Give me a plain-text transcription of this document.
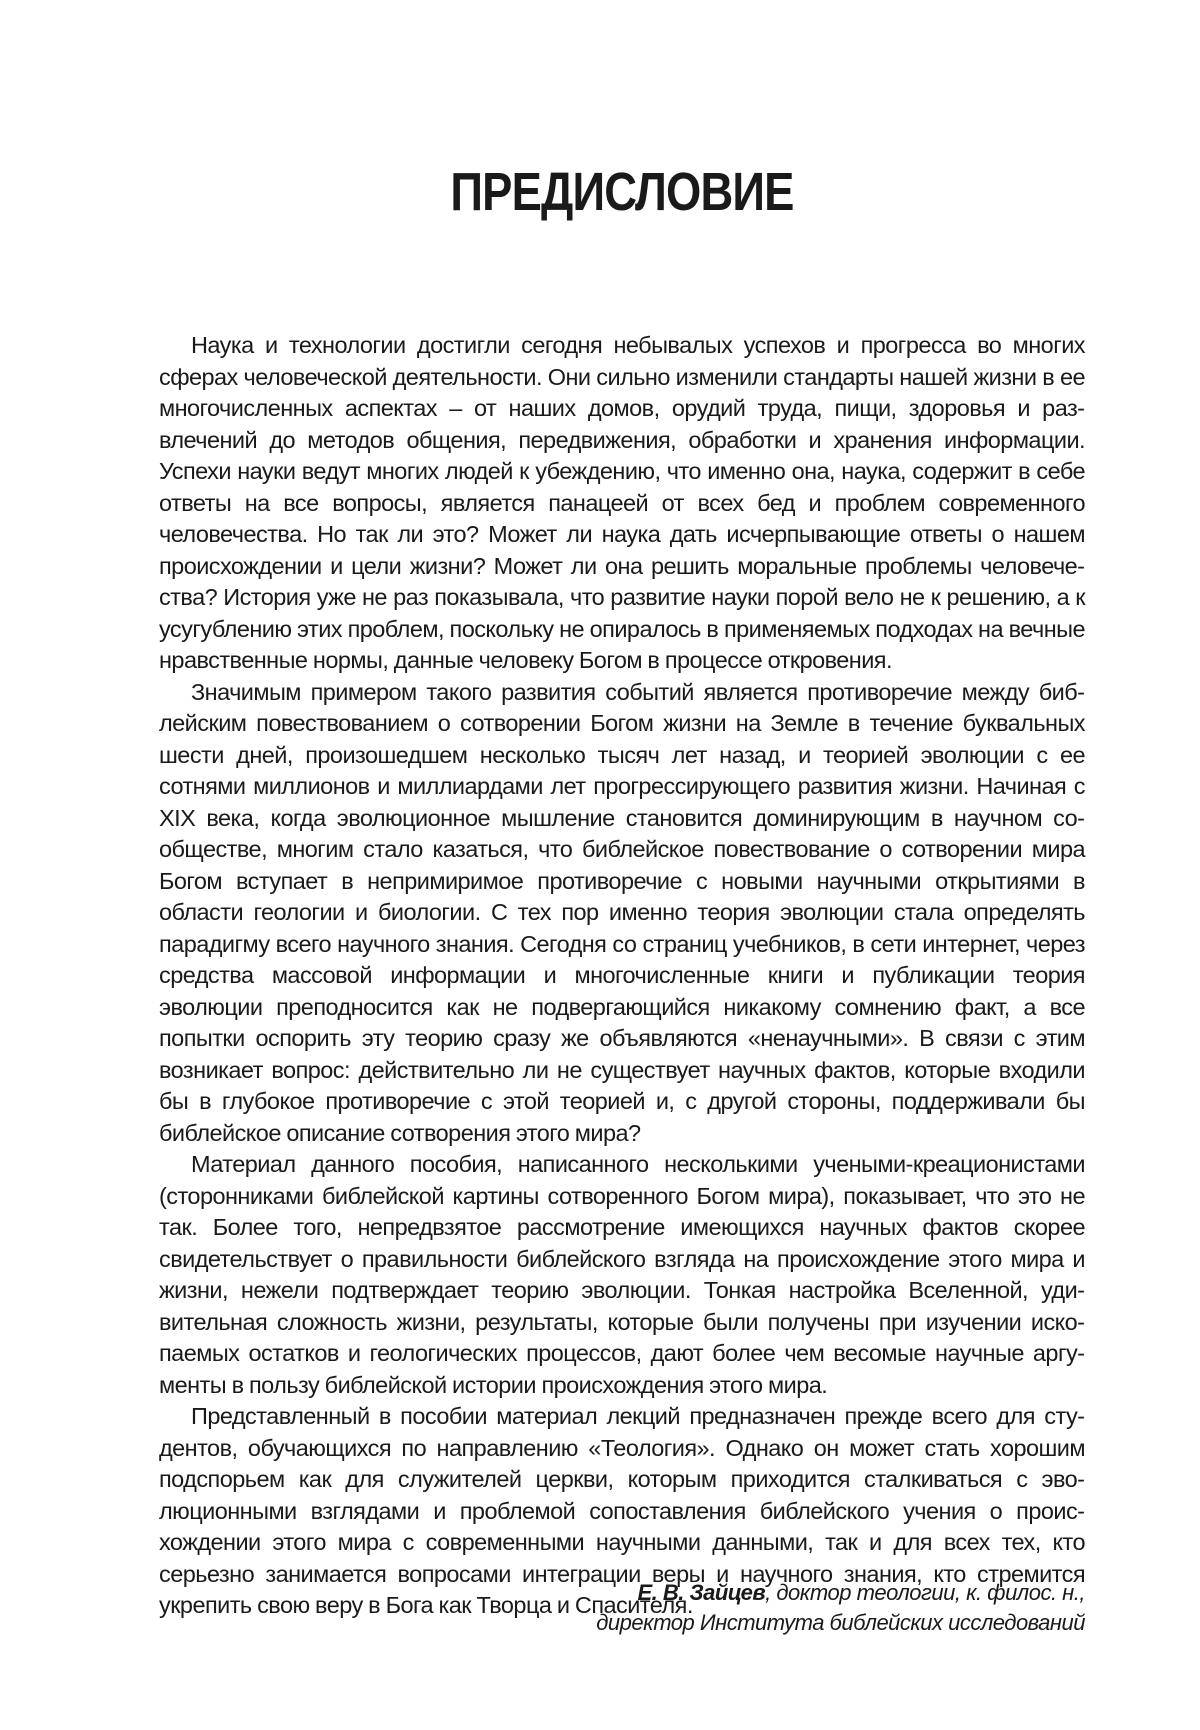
ПРЕДИСЛОВИЕ

Наука и технологии достигли сегодня небывалых успехов и прогресса во многих сферах человеческой деятельности. Они сильно изменили стандарты нашей жизни в ее многочисленных аспектах – от наших домов, орудий труда, пищи, здоровья и развлечений до методов общения, передвижения, обработки и хранения информации. Успехи науки ведут многих людей к убеждению, что именно она, наука, содержит в себе ответы на все вопросы, является панацеей от всех бед и проблем современного человечества. Но так ли это? Может ли наука дать исчерпывающие ответы о нашем происхождении и цели жизни? Может ли она решить моральные проблемы человечества? История уже не раз показывала, что развитие науки порой вело не к решению, а к усугублению этих проблем, поскольку не опиралось в применяемых подходах на вечные нравственные нормы, данные человеку Богом в процессе откровения.

Значимым примером такого развития событий является противоречие между библейским повествованием о сотворении Богом жизни на Земле в течение буквальных шести дней, произошедшем несколько тысяч лет назад, и теорией эволюции с ее сотнями миллионов и миллиардами лет прогрессирующего развития жизни. Начиная с XIX века, когда эволюционное мышление становится доминирующим в научном сообществе, многим стало казаться, что библейское повествование о сотворении мира Богом вступает в непримиримое противоречие с новыми научными открытиями в области геологии и биологии. С тех пор именно теория эволюции стала определять парадигму всего научного знания. Сегодня со страниц учебников, в сети интернет, через средства массовой информации и многочисленные книги и публикации теория эволюции преподносится как не подвергающийся никакому сомнению факт, а все попытки оспорить эту теорию сразу же объявляются «ненаучными». В связи с этим возникает вопрос: действительно ли не существует научных фактов, которые входили бы в глубокое противоречие с этой теорией и, с другой стороны, поддерживали бы библейское описание сотворения этого мира?

Материал данного пособия, написанного несколькими учеными-креационистами (сторонниками библейской картины сотворенного Богом мира), показывает, что это не так. Более того, непредвзятое рассмотрение имеющихся научных фактов скорее свидетельствует о правильности библейского взгляда на происхождение этого мира и жизни, нежели подтверждает теорию эволюции. Тонкая настройка Вселенной, удивительная сложность жизни, результаты, которые были получены при изучении ископаемых остатков и геологических процессов, дают более чем весомые научные аргументы в пользу библейской истории происхождения этого мира.

Представленный в пособии материал лекций предназначен прежде всего для студентов, обучающихся по направлению «Теология». Однако он может стать хорошим подспорьем как для служителей церкви, которым приходится сталкиваться с эволюционными взглядами и проблемой сопоставления библейского учения о происхождении этого мира с современными научными данными, так и для всех тех, кто серьезно занимается вопросами интеграции веры и научного знания, кто стремится укрепить свою веру в Бога как Творца и Спасителя.

Е. В. Зайцев, доктор теологии, к. филос. н.,
директор Института библейских исследований
